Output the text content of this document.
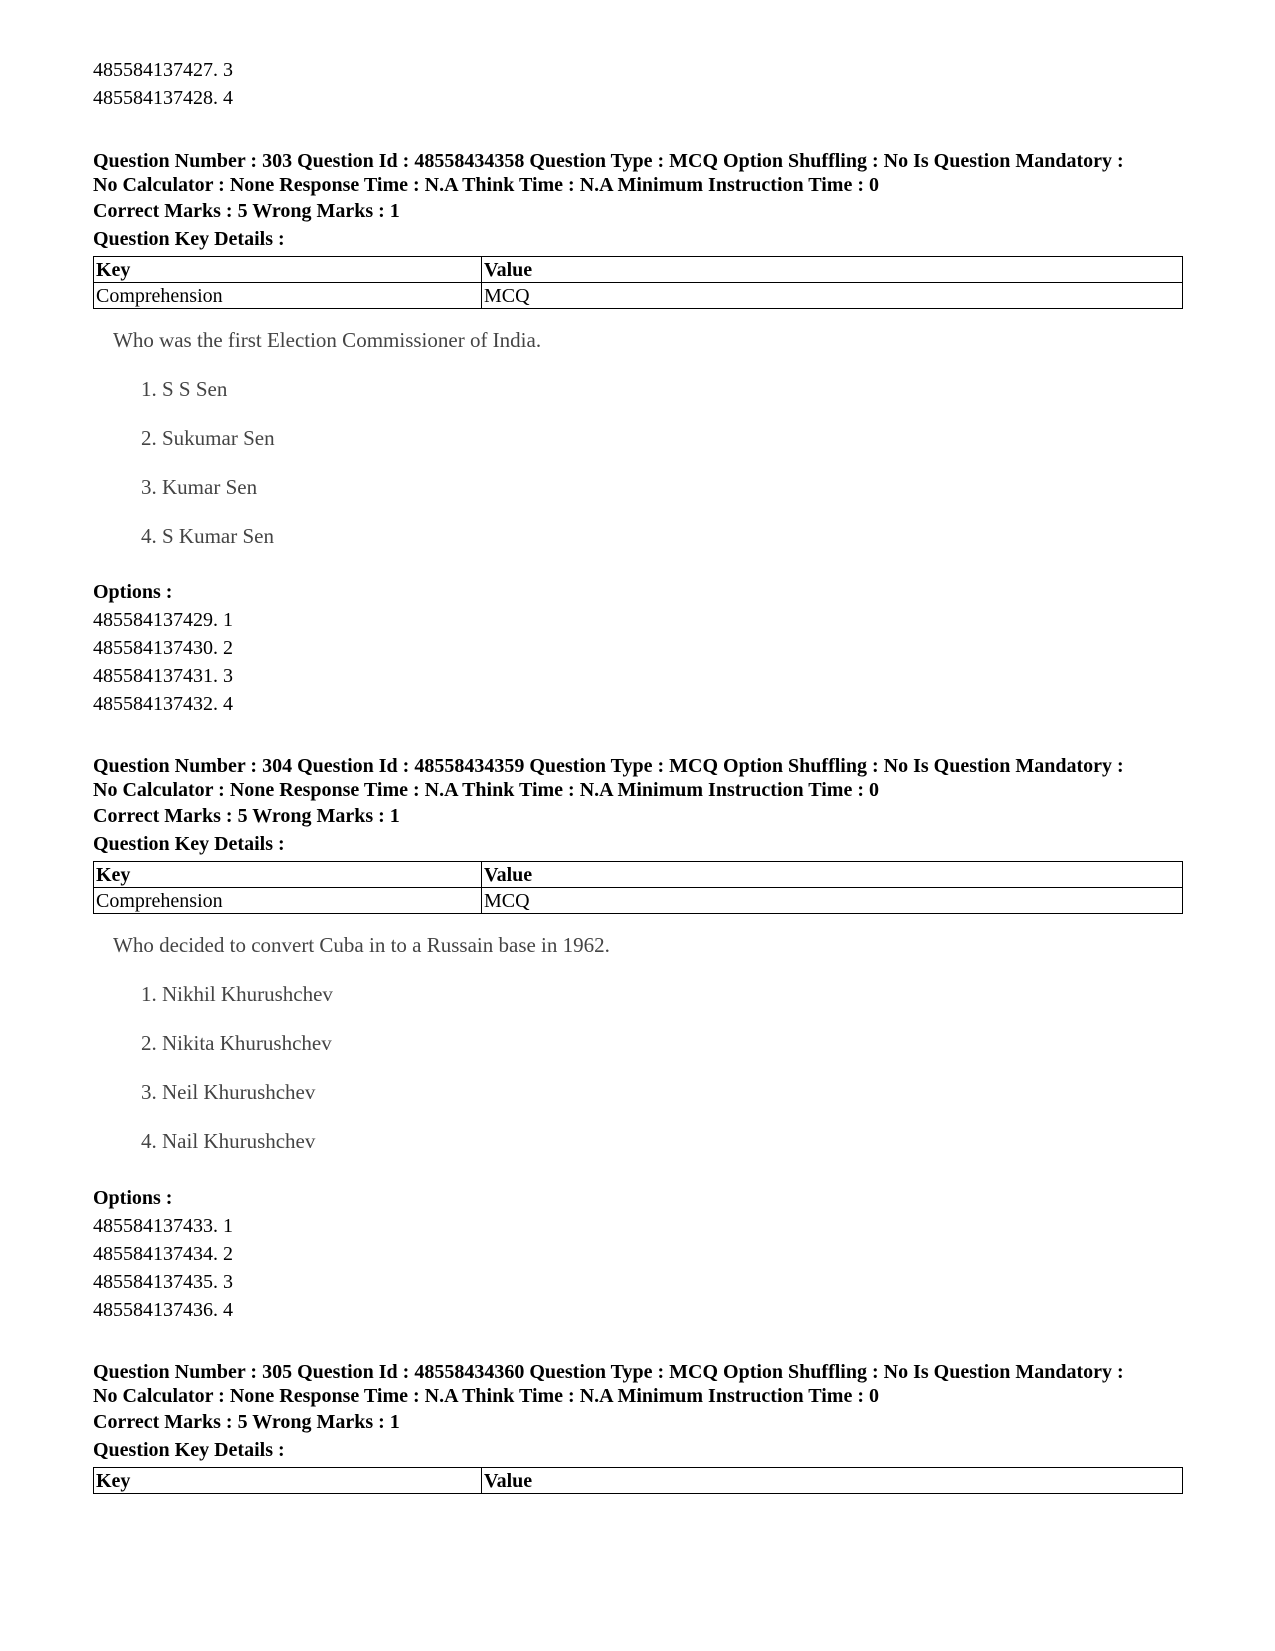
485584137427. 3
485584137428. 4
Question Number : 303 Question Id : 48558434358 Question Type : MCQ Option Shuffling : No Is Question Mandatory :
No Calculator : None Response Time : N.A Think Time : N.A Minimum Instruction Time : 0
Correct Marks : 5 Wrong Marks : 1
Question Key Details :
Key	Value
Comprehension	MCQ
Who was the first Election Commissioner of India.
1. S S Sen
2. Sukumar Sen
3. Kumar Sen
4. S Kumar Sen
Options :
485584137429. 1
485584137430. 2
485584137431. 3
485584137432. 4
Question Number : 304 Question Id : 48558434359 Question Type : MCQ Option Shuffling : No Is Question Mandatory :
No Calculator : None Response Time : N.A Think Time : N.A Minimum Instruction Time : 0
Correct Marks : 5 Wrong Marks : 1
Question Key Details :
Key	Value
Comprehension	MCQ
Who decided to convert Cuba in to a Russain base in 1962.
1. Nikhil Khurushchev
2. Nikita Khurushchev
3. Neil Khurushchev
4. Nail Khurushchev
Options :
485584137433. 1
485584137434. 2
485584137435. 3
485584137436. 4
Question Number : 305 Question Id : 48558434360 Question Type : MCQ Option Shuffling : No Is Question Mandatory :
No Calculator : None Response Time : N.A Think Time : N.A Minimum Instruction Time : 0
Correct Marks : 5 Wrong Marks : 1
Question Key Details :
Key	Value
